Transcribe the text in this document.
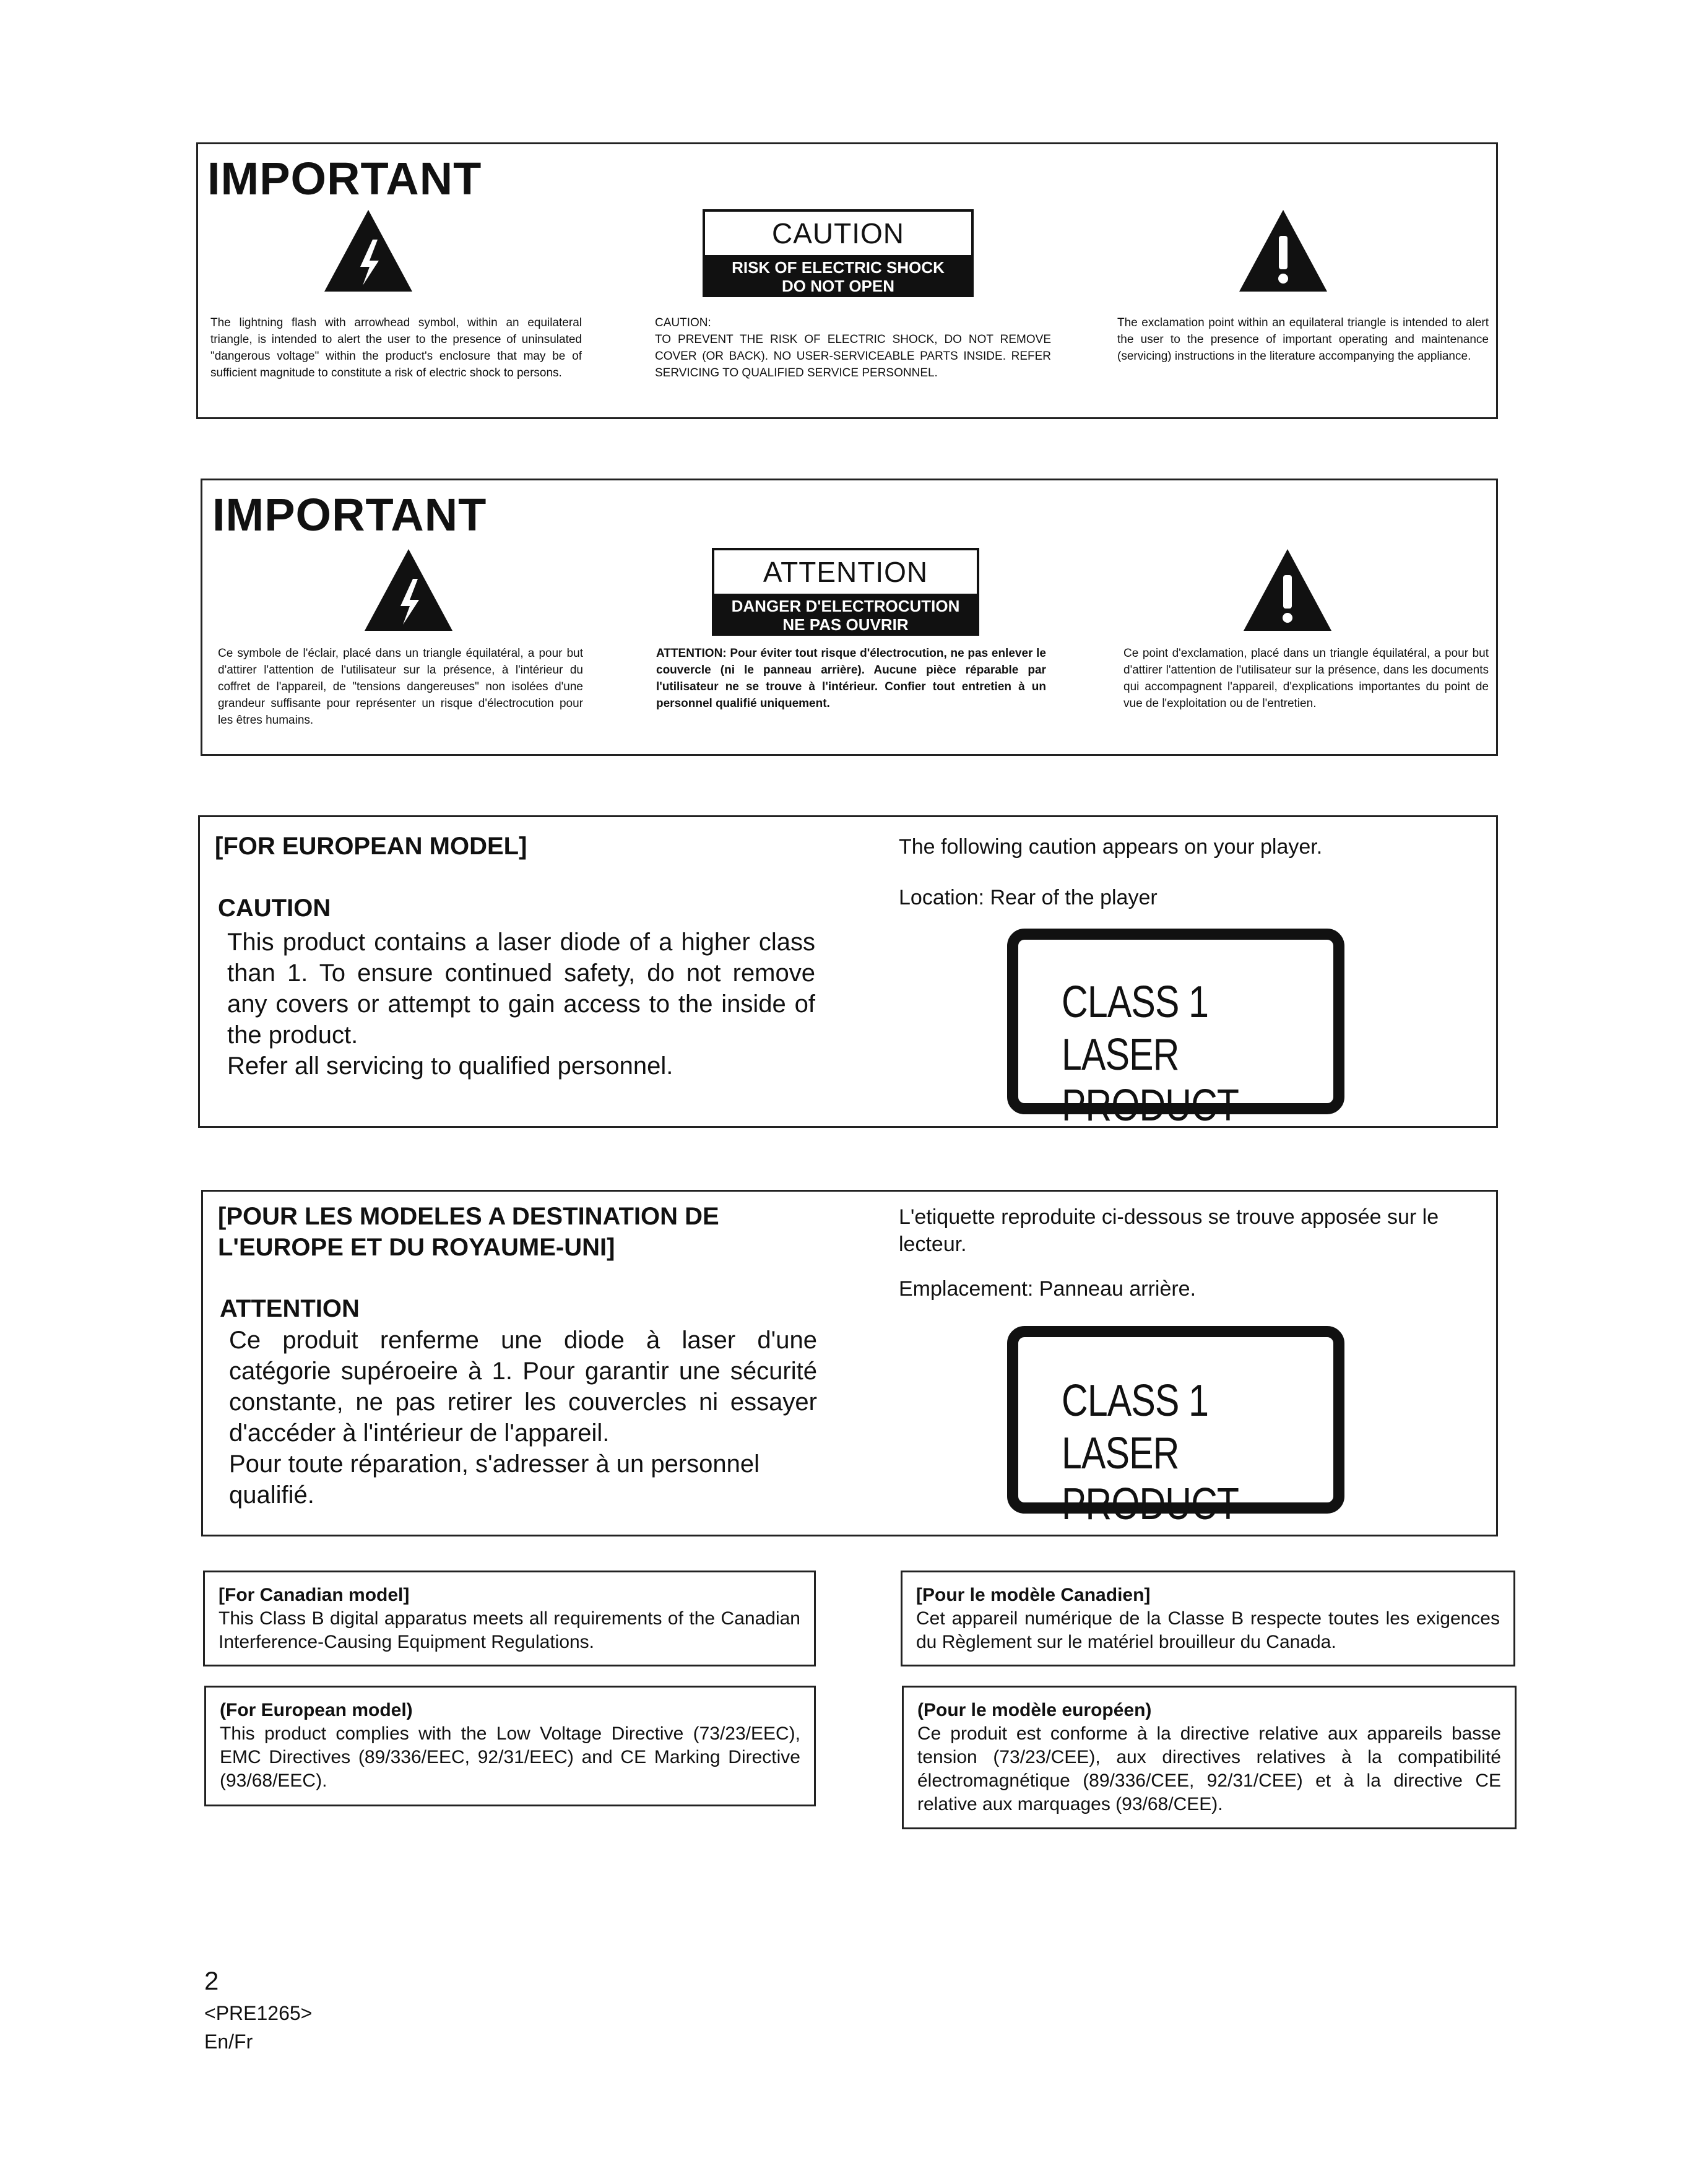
IMPORTANT
CAUTION
RISK OF ELECTRIC SHOCK
DO NOT OPEN
The lightning flash with arrowhead symbol, within an equilateral triangle, is intended to alert the user to the presence of uninsulated "dangerous voltage" within the product's enclosure that may be of sufficient magnitude to constitute a risk of electric shock to persons.
CAUTION:
TO PREVENT THE RISK OF ELECTRIC SHOCK, DO NOT REMOVE COVER (OR BACK). NO USER-SERVICEABLE PARTS INSIDE. REFER SERVICING TO QUALIFIED SERVICE PERSONNEL.
The exclamation point within an equilateral triangle is intended to alert the user to the presence of important operating and maintenance (servicing) instructions in the literature accompanying the appliance.
IMPORTANT
ATTENTION
DANGER D'ELECTROCUTION
NE PAS OUVRIR
Ce symbole de l'éclair, placé dans un triangle équilatéral, a pour but d'attirer l'attention de l'utilisateur sur la présence, à l'intérieur du coffret de l'appareil, de "tensions dangereuses" non isolées d'une grandeur suffisante pour représenter un risque d'électrocution pour les êtres humains.
ATTENTION: Pour éviter tout risque d'électrocution, ne pas enlever le couvercle (ni le panneau arrière). Aucune pièce réparable par l'utilisateur ne se trouve à l'intérieur. Confier tout entretien à un personnel qualifié uniquement.
Ce point d'exclamation, placé dans un triangle équilatéral, a pour but d'attirer l'attention de l'utilisateur sur la présence, dans les documents qui accompagnent l'appareil, d'explications importantes du point de vue de l'exploitation ou de l'entretien.
[FOR EUROPEAN MODEL]
CAUTION
This product contains a laser diode of a higher class than 1. To ensure continued safety, do not remove any covers or attempt to gain access to the inside of the product.
Refer all servicing to qualified personnel.
The following caution appears on your player.
Location: Rear of the player
CLASS 1
LASER PRODUCT
[POUR LES MODELES A DESTINATION DE L'EUROPE ET DU ROYAUME-UNI]
ATTENTION
Ce produit renferme une diode à laser d'une catégorie supéroeire à 1. Pour garantir une sécurité constante, ne pas retirer les couvercles ni essayer d'accéder à l'intérieur de l'appareil.
Pour toute réparation, s'adresser à un personnel qualifié.
L'etiquette reproduite ci-dessous se trouve apposée sur le lecteur.
Emplacement: Panneau arrière.
CLASS 1
LASER PRODUCT
[For Canadian model]
This Class B digital apparatus meets all requirements of the Canadian Interference-Causing Equipment Regulations.
[Pour le modèle Canadien]
Cet appareil numérique de la Classe B respecte toutes les exigences du Règlement sur le matériel brouilleur du Canada.
(For European model)
This product complies with the Low Voltage Directive (73/23/EEC), EMC Directives (89/336/EEC, 92/31/EEC) and CE Marking Directive (93/68/EEC).
(Pour le modèle européen)
Ce produit est conforme à la directive relative aux appareils basse tension (73/23/CEE), aux directives relatives à la compatibilité électromagnétique (89/336/CEE, 92/31/CEE) et à la directive CE relative aux marquages (93/68/CEE).
2
<PRE1265>
En/Fr
